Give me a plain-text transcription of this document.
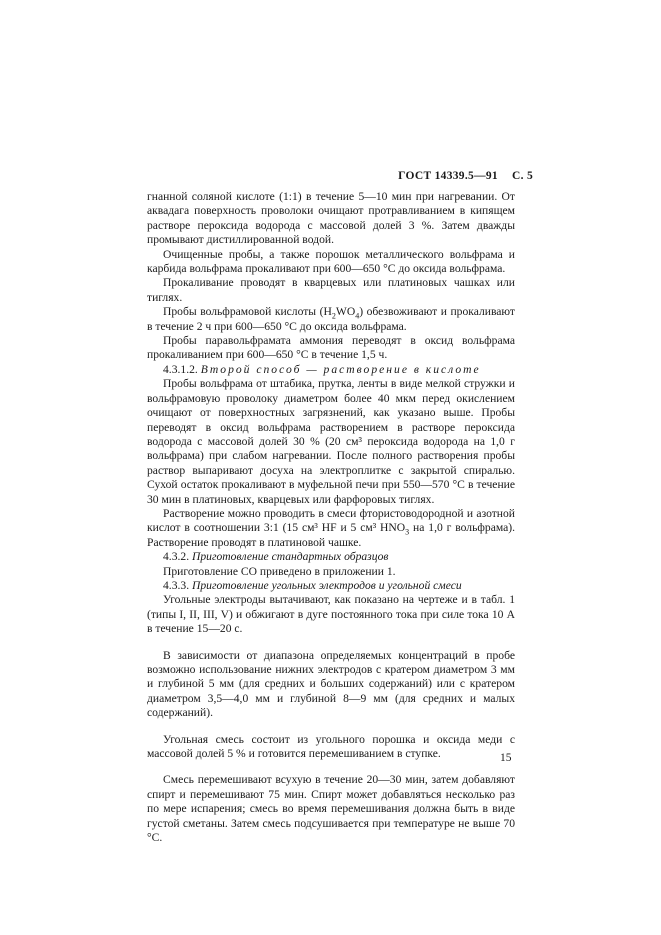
ГОСТ 14339.5—91 С. 5

гнанной соляной кислоте (1:1) в течение 5—10 мин при нагревании. От аквадага поверхность проволоки очищают протравливанием в кипящем растворе пероксида водорода с массовой долей 3 %. Затем дважды промывают дистиллированной водой.

Очищенные пробы, а также порошок металлического вольфрама и карбида вольфрама прокаливают при 600—650 °С до оксида вольфрама.

Прокаливание проводят в кварцевых или платиновых чашках или тиглях.

Пробы вольфрамовой кислоты $(H_2WO_4)$ обезвоживают и прокаливают в течение 2 ч при 600—650 °С до оксида вольфрама.

Пробы паравольфрамата аммония переводят в оксид вольфрама прокаливанием при 600—650 °С в течение 1,5 ч.

4.3.1.2. Второй способ — растворение в кислоте

Пробы вольфрама от штабика, прутка, ленты в виде мелкой стружки и вольфрамовую проволоку диаметром более 40 мкм перед окислением очищают от поверхностных загрязнений, как указано выше. Пробы переводят в оксид вольфрама растворением в растворе пероксида водорода с массовой долей 30 % (20 см³ пероксида водорода на 1,0 г вольфрама) при слабом нагревании. После полного растворения пробы раствор выпаривают досуха на электроплитке с закрытой спиралью. Сухой остаток прокаливают в муфельной печи при 550—570 °С в течение 30 мин в платиновых, кварцевых или фарфоровых тиглях.

Растворение можно проводить в смеси фтористоводородной и азотной кислот в соотношении 3:1 (15 см³ HF и 5 см³ $HNO_3$ на 1,0 г вольфрама). Растворение проводят в платиновой чашке.

4.3.2. Приготовление стандартных образцов

Приготовление СО приведено в приложении 1.

4.3.3. Приготовление угольных электродов и угольной смеси

Угольные электроды вытачивают, как показано на чертеже и в табл. 1 (типы I, II, III, V) и обжигают в дуге постоянного тока при силе тока 10 А в течение 15—20 с.

В зависимости от диапазона определяемых концентраций в пробе возможно использование нижних электродов с кратером диаметром 3 мм и глубиной 5 мм (для средних и больших содержаний) или с кратером диаметром 3,5—4,0 мм и глубиной 8—9 мм (для средних и малых содержаний).

Угольная смесь состоит из угольного порошка и оксида меди с массовой долей 5 % и готовится перемешиванием в ступке.

Смесь перемешивают всухую в течение 20—30 мин, затем добавляют спирт и перемешивают 75 мин. Спирт может добавляться несколько раз по мере испарения; смесь во время перемешивания должна быть в виде густой сметаны. Затем смесь подсушивается при температуре не выше 70 °С.

15
